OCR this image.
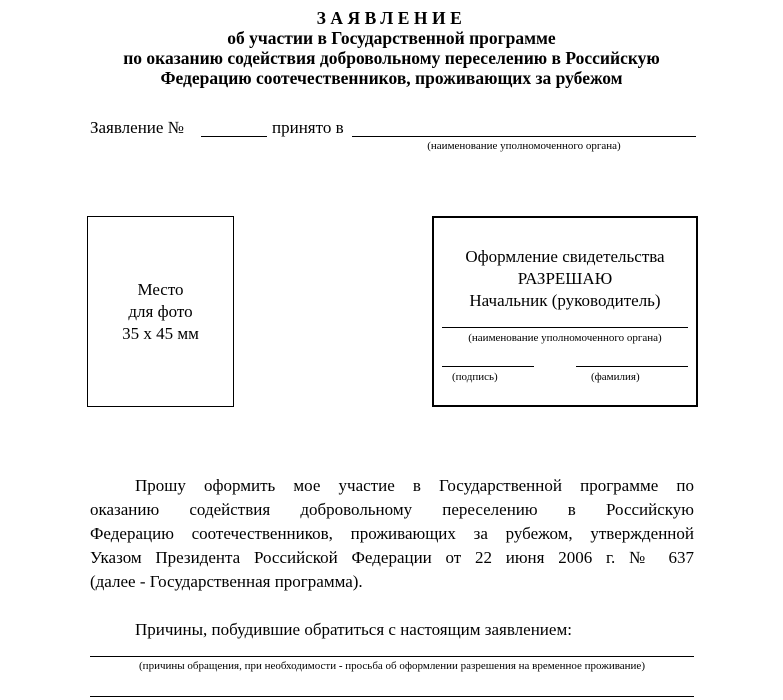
ЗАЯВЛЕНИЕ
об участии в Государственной программе
по оказанию содействия добровольному переселению в Российскую
Федерацию соотечественников, проживающих за рубежом
Заявление №	принято в
(наименование уполномоченного органа)
Место
для фото
35 х 45 мм
Оформление свидетельства
РАЗРЕШАЮ
Начальник (руководитель)
(наименование уполномоченного органа)
(подпись)	(фамилия)
Прошу оформить мое участие в Государственной программе по
оказанию содействия добровольному переселению в Российскую
Федерацию соотечественников, проживающих за рубежом, утвержденной
Указом Президента Российской Федерации от 22 июня 2006 г. № 637
(далее - Государственная программа).
Причины, побудившие обратиться с настоящим заявлением:
(причины обращения, при необходимости - просьба об оформлении разрешения на временное проживание)
